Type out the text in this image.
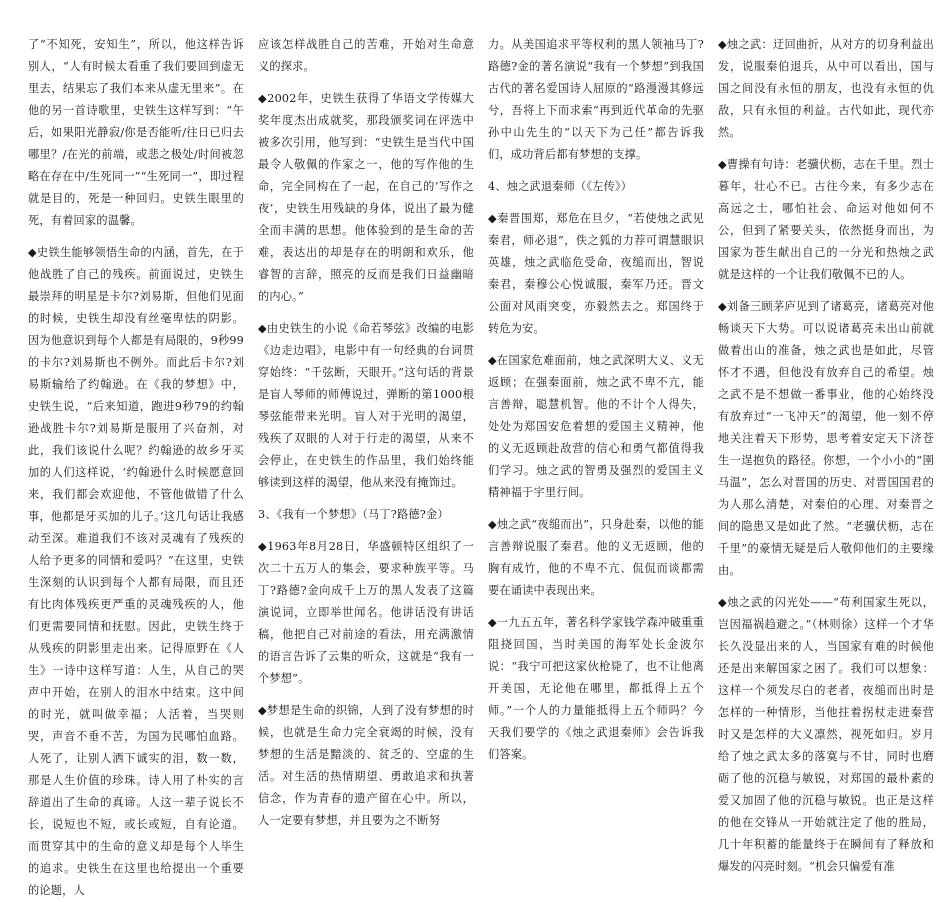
了“不知死，安知生”，所以，他这样告诉别人，“人有时候太看重了我们要回到虚无里去，结果忘了我们本来从虚无里来”。在他的另一首诗歌里，史铁生这样写到：“午后，如果阳光静寂/你是否能听/往日已归去哪里？/在光的前端，或悲之极处/时间被忽略在存在中/生死同一”“生死同一”，即过程就是目的，死是一种回归。史铁生眼里的死，有着回家的温馨。

◆史铁生能够领悟生命的内涵，首先，在于他战胜了自己的残疾。前面说过，史铁生最崇拜的明星是卡尔?刘易斯，但他们见面的时候，史铁生却没有丝毫卑怯的阴影。因为他意识到每个人都是有局限的，9秒99的卡尔?刘易斯也不例外。而此后卡尔?刘易斯输给了约翰逊。在《我的梦想》中，史铁生说，“后来知道，跑进9秒79的约翰逊战胜卡尔?刘易斯是服用了兴奋剂，对此，我们该说什么呢？约翰逊的故乡牙买加的人们这样说，‘约翰逊什么时候愿意回来，我们都会欢迎他，不管他做错了什么事，他都是牙买加的儿子。’这几句话让我感动至深。难道我们不该对灵魂有了残疾的人给予更多的同情和爱吗？”在这里，史铁生深刻的认识到每个人都有局限，而且还有比肉体残疾更严重的灵魂残疾的人，他们更需要同情和抚慰。因此，史铁生终于从残疾的阴影里走出来。记得原野在《人生》一诗中这样写道：人生，从自己的哭声中开始，在别人的泪水中结束。这中间的时光，就叫做幸福；人活着，当哭则哭，声音不垂不苦，为国为民哪怕血路。人死了，让别人洒下诚实的泪，数一数，那是人生价值的珍珠。诗人用了朴实的言辞道出了生命的真谛。人这一辈子说长不长，说短也不短，或长或短，自有论道。而贯穿其中的生命的意义却是每个人毕生的追求。史铁生在这里也给提出一个重要的论题，人

应该怎样战胜自己的苦难，开始对生命意义的探求。

◆2002年，史铁生获得了华语文学传媒大奖年度杰出成就奖，那段颁奖词在评选中被多次引用，他写到：“史铁生是当代中国最令人敬佩的作家之一，他的写作他的生命，完全同构在了一起，在自己的‘写作之夜’，史铁生用残缺的身体，说出了最为健全而丰满的思想。他体验到的是生命的苦难，表达出的却是存在的明朗和欢乐，他睿智的言辞，照亮的反而是我们日益幽暗的内心。”

◆由史铁生的小说《命若琴弦》改编的电影《边走边唱》，电影中有一句经典的台词贯穿始终：“千弦断，天眼开。”这句话的背景是盲人琴师的师傅说过，弹断的第1000根琴弦能带来光明。盲人对于光明的渴望，残疾了双眼的人对于行走的渴望，从来不会停止，在史铁生的作品里，我们始终能够读到这样的渴望，他从来没有掩饰过。

3、《我有一个梦想》（马丁?路德?金）

◆1963年8月28日，华盛顿特区组织了一次二十五万人的集会，要求种族平等。马丁?路德?金向成千上万的黑人发表了这篇演说词，立即举世闻名。他讲话没有讲话稿，他把自己对前途的看法，用充满激情的语言告诉了云集的听众，这就是“我有一个梦想”。

◆梦想是生命的织锦，人到了没有梦想的时候，也就是生命力完全衰竭的时候，没有梦想的生活是黯淡的、贫乏的、空虚的生活。对生活的热情期望、勇敢追求和执著信念，作为青春的遗产留在心中。所以，人一定要有梦想，并且要为之不断努

力。从美国追求平等权利的黑人领袖马丁?路德?金的著名演说“我有一个梦想”到我国古代的著名爱国诗人屈原的“路漫漫其修远兮，吾将上下而求索”再到近代革命的先驱孙中山先生的“以天下为己任”都告诉我们，成功背后都有梦想的支撑。

4、烛之武退秦师（《左传》）

◆秦晋围郑，郑危在旦夕，“若使烛之武见秦君，师必退”，佚之狐的力荐可谓慧眼识英雄，烛之武临危受命，夜缒而出，智说秦君，秦穆公心悦诚服，秦军乃还。晋文公面对风雨突变，亦毅然去之。郑国终于转危为安。

◆在国家危难面前，烛之武深明大义、义无返顾；在强秦面前，烛之武不卑不亢，能言善辩，聪慧机智。他的不计个人得失，处处为郑国安危着想的爱国主义精神，他的义无返顾赴敌营的信心和勇气都值得我们学习。烛之武的智勇及强烈的爱国主义精神福于宇里行间。

◆烛之武“夜缒而出”，只身赴秦，以他的能言善辩说服了秦君。他的义无返顾，他的胸有成竹，他的不卑不亢、侃侃而谈都需要在诵读中表现出来。

◆一九五五年，著名科学家钱学森冲破重重阻挠回国，当时美国的海军处长金波尔说：“我宁可把这家伙枪毙了，也不让他离开美国，无论他在哪里，都抵得上五个师。”一个人的力量能抵得上五个师吗？今天我们要学的《烛之武退秦师》会告诉我们答案。

◆烛之武：迂回曲折，从对方的切身利益出发，说服秦伯退兵，从中可以看出，国与国之间没有永恒的朋友，也没有永恒的仇敌，只有永恒的利益。古代如此，现代亦然。

◆曹操有句诗：老骥伏枥，志在千里。烈士暮年，壮心不已。古往今来，有多少志在高远之士，哪怕社会、命运对他如何不公，但到了紧要关头，依然挺身而出，为国家为苍生献出自己的一分光和热烛之武就是这样的一个让我们敬佩不已的人。

◆刘备三顾茅庐见到了诸葛亮，诸葛亮对他畅谈天下大势。可以说诸葛亮未出山前就做着出山的准备，烛之武也是如此，尽管怀才不遇，但他没有放弃自己的希望。烛之武不是不想做一番事业，他的心始终没有放弃过“一飞冲天”的渴望，他一刻不停地关注着天下形势，思考着安定天下济苍生一逞抱负的路径。你想，一个小小的“圉马温”，怎么对晋国的历史、对晋国国君的为人那么清楚，对秦伯的心理、对秦晋之间的隐患又是如此了然。“老骥伏枥，志在千里”的豪情无疑是后人敬仰他们的主要缘由。

◆烛之武的闪光处——“苟利国家生死以，岂因福祸趋避之。”（林则徐）这样一个才华长久没显出来的人，当国家有难的时候他还是出来解国家之困了。我们可以想象：这样一个须发尽白的老者，夜缒而出时是怎样的一种情形，当他拄着拐杖走进秦营时又是怎样的大义凛然，视死如归。岁月给了烛之武太多的落寞与不甘，同时也磨砺了他的沉稳与敏锐，对郑国的最朴素的爱又加固了他的沉稳与敏锐。也正是这样的他在交锋从一开始就注定了他的胜局，几十年积蓄的能量终于在瞬间有了释放和爆发的闪亮时刻。“机会只偏爱有准
